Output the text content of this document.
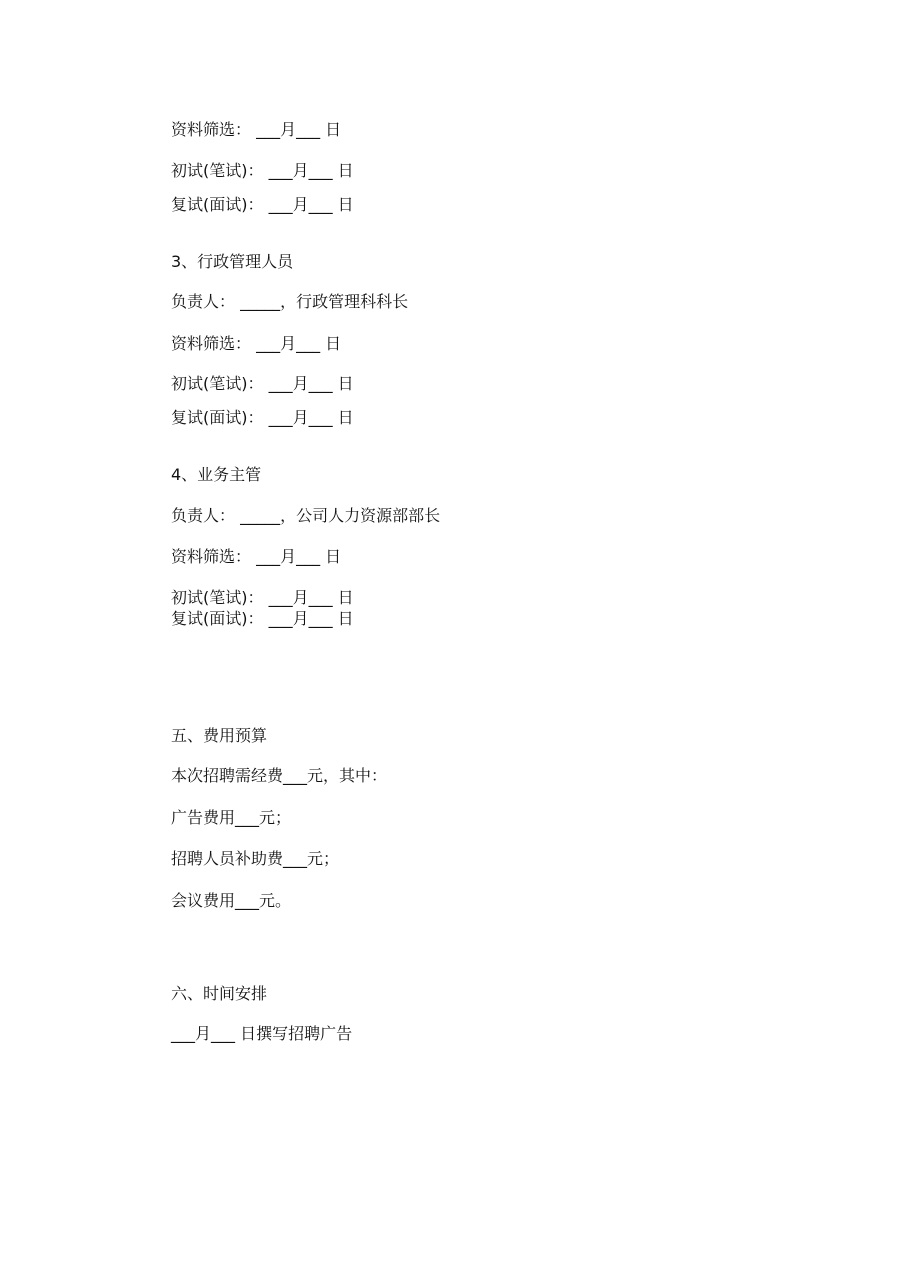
资料筛选： ___月___ 日
初试(笔试)： ___月___ 日
复试(面试)： ___月___ 日
3、行政管理人员
负责人： _____，行政管理科科长
资料筛选： ___月___ 日
初试(笔试)： ___月___ 日
复试(面试)： ___月___ 日
4、业务主管
负责人： _____，公司人力资源部部长
资料筛选： ___月___ 日
初试(笔试)： ___月___ 日
复试(面试)： ___月___ 日
五、费用预算
本次招聘需经费___元，其中：
广告费用___元；
招聘人员补助费___元；
会议费用___元。
六、时间安排
___月___ 日撰写招聘广告
